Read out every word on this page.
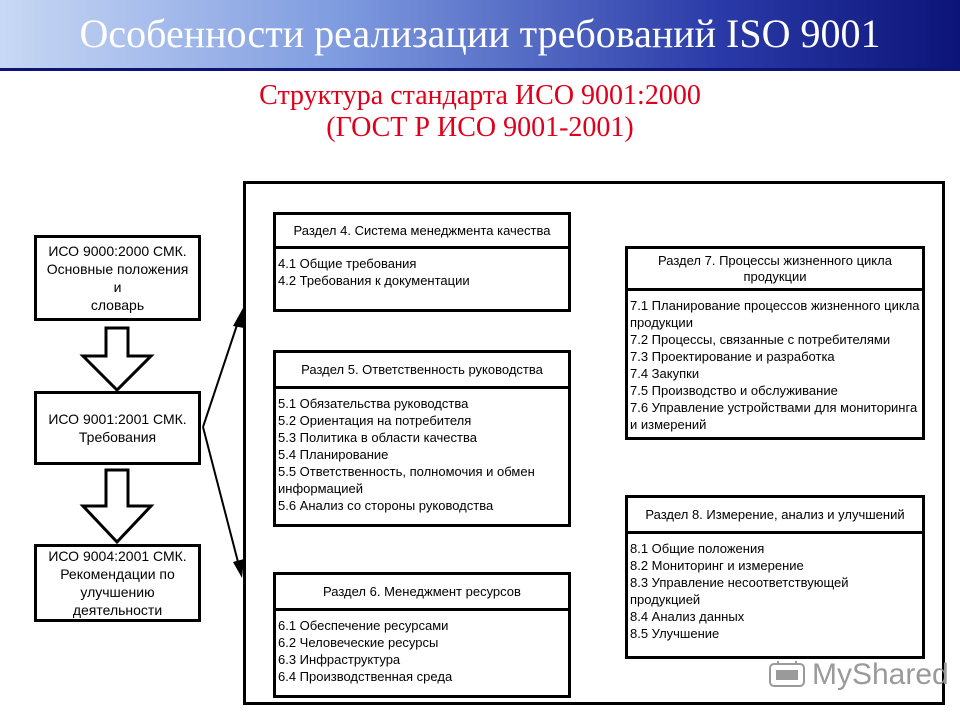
Особенности реализации требований ISO 9001
Структура стандарта ИСО 9001:2000
(ГОСТ Р ИСО 9001-2001)
ИСО 9000:2000 СМК.
Основные положения и
словарь
ИСО 9001:2001 СМК.
Требования
ИСО 9004:2001 СМК.
Рекомендации по
улучшению деятельности
Раздел 4. Система менеджмента качества
4.1 Общие требования
4.2 Требования к документации
Раздел 5. Ответственность руководства
5.1 Обязательства руководства
5.2 Ориентация на потребителя
5.3 Политика в области качества
5.4 Планирование
5.5 Ответственность, полномочия и обмен
информацией
5.6 Анализ со стороны руководства
Раздел 6. Менеджмент ресурсов
6.1 Обеспечение ресурсами
6.2 Человеческие ресурсы
6.3 Инфраструктура
6.4 Производственная среда
Раздел 7. Процессы жизненного цикла продукции
7.1 Планирование процессов жизненного цикла
продукции
7.2 Процессы, связанные с потребителями
7.3 Проектирование и разработка
7.4 Закупки
7.5 Производство и обслуживание
7.6 Управление устройствами для мониторинга
и измерений
Раздел 8. Измерение, анализ и улучшений
8.1 Общие положения
8.2 Мониторинг и измерение
8.3 Управление несоответствующей
продукцией
8.4 Анализ данных
8.5 Улучшение
MyShared
